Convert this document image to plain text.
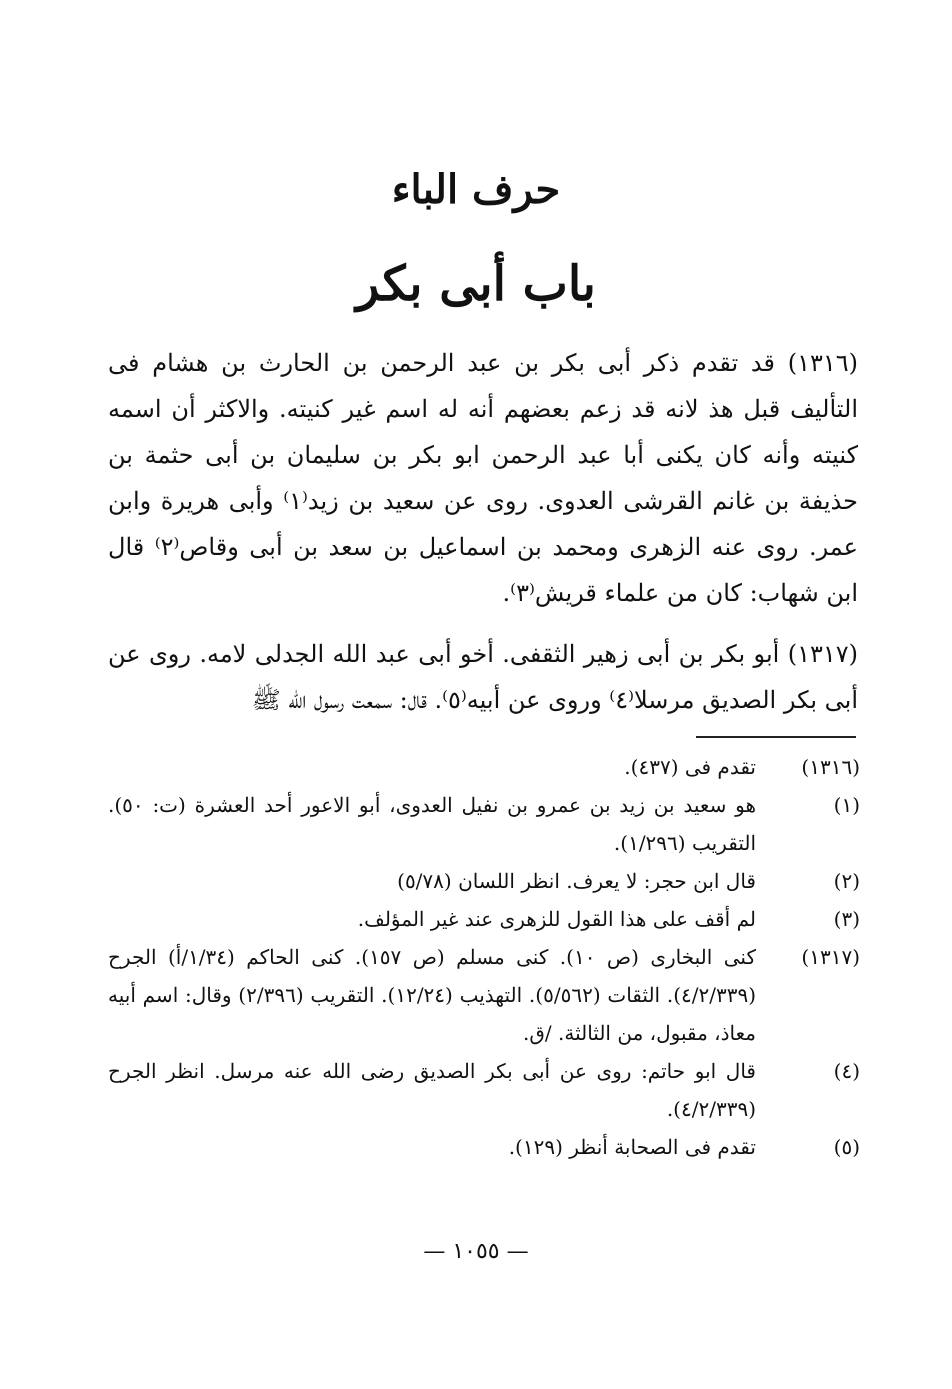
حرف الباء
باب أبى بكر

(١٣١٦) قد تقدم ذكر أبى بكر بن عبد الرحمن بن الحارث بن هشام فى التأليف قبل هذ لانه قد زعم بعضهم أنه له اسم غير كنيته. والاكثر أن اسمه كنيته وأنه كان يكنى أبا عبد الرحمن ابو بكر بن سليمان بن أبى حثمة بن حذيفة بن غانم القرشى العدوى. روى عن سعيد بن زيد⁽١⁾ وأبى هريرة وابن عمر. روى عنه الزهرى ومحمد بن اسماعيل بن سعد بن أبى وقاص⁽٢⁾ قال ابن شهاب: كان من علماء قريش⁽٣⁾.

(١٣١٧) أبو بكر بن أبى زهير الثقفى. أخو أبى عبد الله الجدلى لامه. روى عن أبى بكر الصديق مرسلا⁽٤⁾ وروى عن أبيه⁽٥⁾. قال: سمعت رسول الله ﷺ

(١٣١٦)
تقدم فى (٤٣٧).
(١)
هو سعيد بن زيد بن عمرو بن نفيل العدوى، أبو الاعور أحد العشرة (ت: ٥٠). التقريب (١/٢٩٦).
(٢)
قال ابن حجر: لا يعرف. انظر اللسان (٥/٧٨)
(٣)
لم أقف على هذا القول للزهرى عند غير المؤلف.
(١٣١٧)
كنى البخارى (ص ١٠). كنى مسلم (ص ١٥٧). كنى الحاكم (١/٣٤/أ) الجرح (٤/٢/٣٣٩). الثقات (٥/٥٦٢). التهذيب (١٢/٢٤). التقريب (٢/٣٩٦) وقال: اسم أبيه معاذ، مقبول، من الثالثة. /ق.
(٤)
قال ابو حاتم: روى عن أبى بكر الصديق رضى الله عنه مرسل. انظر الجرح (٤/٢/٣٣٩).
(٥)
تقدم فى الصحابة أنظر (١٢٩).
— ١٠٥٥ —
